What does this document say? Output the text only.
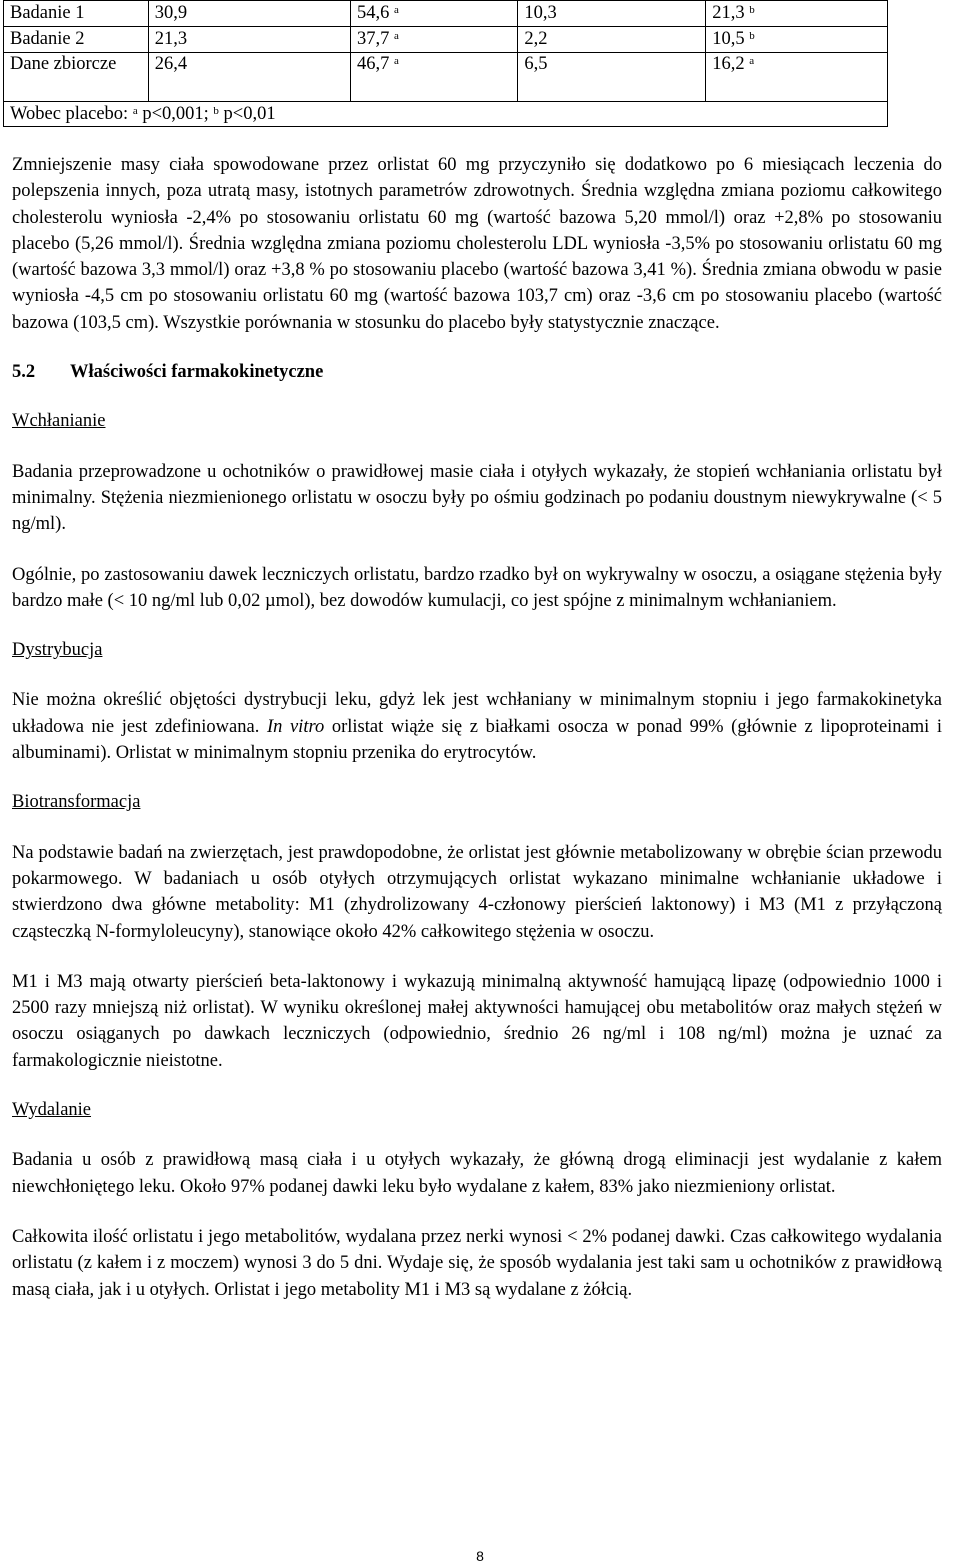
Badanie 1	30,9	54,6 $^a$	10,3	21,3 $^b$
Badanie 2	21,3	37,7 $^a$	2,2	10,5 $^b$
Dane zbiorcze	26,4	46,7 $^a$	6,5	16,2 $^a$
Wobec placebo: $^a$ p<0,001; $^b$ p<0,01				

Zmniejszenie masy ciała spowodowane przez orlistat 60 mg przyczyniło się dodatkowo po 6 miesiącach leczenia do polepszenia innych, poza utratą masy, istotnych parametrów zdrowotnych. Średnia względna zmiana poziomu całkowitego cholesterolu wyniosła -2,4% po stosowaniu orlistatu 60 mg (wartość bazowa 5,20 mmol/l) oraz +2,8% po stosowaniu placebo (5,26 mmol/l). Średnia względna zmiana poziomu cholesterolu LDL wyniosła -3,5% po stosowaniu orlistatu 60 mg (wartość bazowa 3,3 mmol/l) oraz +3,8 % po stosowaniu placebo (wartość bazowa 3,41 %). Średnia zmiana obwodu w pasie wyniosła -4,5 cm po stosowaniu orlistatu 60 mg (wartość bazowa 103,7 cm) oraz -3,6 cm po stosowaniu placebo (wartość bazowa (103,5 cm). Wszystkie porównania w stosunku do placebo były statystycznie znaczące.

5.2 Właściwości farmakokinetyczne

Wchłanianie

Badania przeprowadzone u ochotników o prawidłowej masie ciała i otyłych wykazały, że stopień wchłaniania orlistatu był minimalny. Stężenia niezmienionego orlistatu w osoczu były po ośmiu godzinach po podaniu doustnym niewykrywalne (< 5 ng/ml).

Ogólnie, po zastosowaniu dawek leczniczych orlistatu, bardzo rzadko był on wykrywalny w osoczu, a osiągane stężenia były bardzo małe (< 10 ng/ml lub 0,02 µmol), bez dowodów kumulacji, co jest spójne z minimalnym wchłanianiem.

Dystrybucja

Nie można określić objętości dystrybucji leku, gdyż lek jest wchłaniany w minimalnym stopniu i jego farmakokinetyka układowa nie jest zdefiniowana. In vitro orlistat wiąże się z białkami osocza w ponad 99% (głównie z lipoproteinami i albuminami). Orlistat w minimalnym stopniu przenika do erytrocytów.

Biotransformacja

Na podstawie badań na zwierzętach, jest prawdopodobne, że orlistat jest głównie metabolizowany w obrębie ścian przewodu pokarmowego. W badaniach u osób otyłych otrzymujących orlistat wykazano minimalne wchłanianie układowe i stwierdzono dwa główne metabolity: M1 (zhydrolizowany 4-członowy pierścień laktonowy) i M3 (M1 z przyłączoną cząsteczką N-formyloleucyny), stanowiące około 42% całkowitego stężenia w osoczu.

M1 i M3 mają otwarty pierścień beta-laktonowy i wykazują minimalną aktywność hamującą lipazę (odpowiednio 1000 i 2500 razy mniejszą niż orlistat). W wyniku określonej małej aktywności hamującej obu metabolitów oraz małych stężeń w osoczu osiąganych po dawkach leczniczych (odpowiednio, średnio 26 ng/ml i 108 ng/ml) można je uznać za farmakologicznie nieistotne.

Wydalanie

Badania u osób z prawidłową masą ciała i u otyłych wykazały, że główną drogą eliminacji jest wydalanie z kałem niewchłoniętego leku. Około 97% podanej dawki leku było wydalane z kałem, 83% jako niezmieniony orlistat.

Całkowita ilość orlistatu i jego metabolitów, wydalana przez nerki wynosi < 2% podanej dawki. Czas całkowitego wydalania orlistatu (z kałem i z moczem) wynosi 3 do 5 dni. Wydaje się, że sposób wydalania jest taki sam u ochotników z prawidłową masą ciała, jak i u otyłych. Orlistat i jego metabolity M1 i M3 są wydalane z żółcią.

8
